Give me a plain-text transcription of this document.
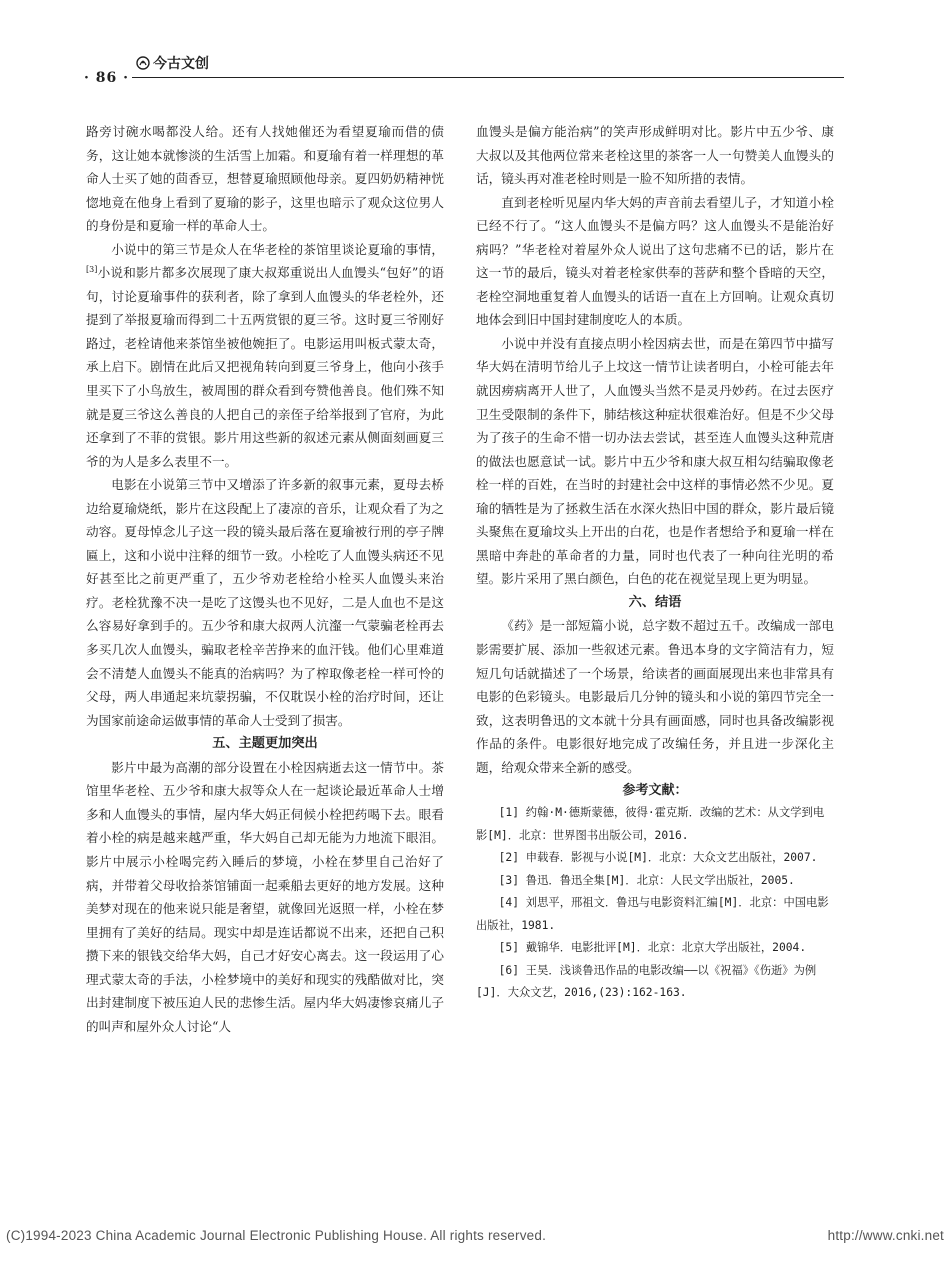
· 86 ·
今古文创

路旁讨碗水喝都没人给。还有人找她催还为看望夏瑜而借的债务，这让她本就惨淡的生活雪上加霜。和夏瑜有着一样理想的革命人士买了她的茴香豆，想替夏瑜照顾他母亲。夏四奶奶精神恍惚地竟在他身上看到了夏瑜的影子，这里也暗示了观众这位男人的身份是和夏瑜一样的革命人士。

小说中的第三节是众人在华老栓的茶馆里谈论夏瑜的事情，[3]小说和影片都多次展现了康大叔郑重说出人血馒头“包好”的语句，讨论夏瑜事件的获利者，除了拿到人血馒头的华老栓外，还提到了举报夏瑜而得到二十五两赏银的夏三爷。这时夏三爷刚好路过，老栓请他来茶馆坐被他婉拒了。电影运用叫板式蒙太奇，承上启下。剧情在此后又把视角转向到夏三爷身上，他向小孩手里买下了小鸟放生，被周围的群众看到夸赞他善良。他们殊不知就是夏三爷这么善良的人把自己的亲侄子给举报到了官府，为此还拿到了不菲的赏银。影片用这些新的叙述元素从侧面刻画夏三爷的为人是多么表里不一。

电影在小说第三节中又增添了许多新的叙事元素，夏母去桥边给夏瑜烧纸，影片在这段配上了凄凉的音乐，让观众看了为之动容。夏母悼念儿子这一段的镜头最后落在夏瑜被行刑的亭子牌匾上，这和小说中注释的细节一致。小栓吃了人血馒头病还不见好甚至比之前更严重了，五少爷劝老栓给小栓买人血馒头来治疗。老栓犹豫不决一是吃了这馒头也不见好，二是人血也不是这么容易好拿到手的。五少爷和康大叔两人沆瀣一气蒙骗老栓再去多买几次人血馒头，骗取老栓辛苦挣来的血汗钱。他们心里难道会不清楚人血馒头不能真的治病吗？为了榨取像老栓一样可怜的父母，两人串通起来坑蒙拐骗，不仅耽误小栓的治疗时间，还让为国家前途命运做事情的革命人士受到了损害。

五、主题更加突出

影片中最为高潮的部分设置在小栓因病逝去这一情节中。茶馆里华老栓、五少爷和康大叔等众人在一起谈论最近革命人士增多和人血馒头的事情，屋内华大妈正伺候小栓把药喝下去。眼看着小栓的病是越来越严重，华大妈自己却无能为力地流下眼泪。影片中展示小栓喝完药入睡后的梦境，小栓在梦里自己治好了病，并带着父母收拾茶馆铺面一起乘船去更好的地方发展。这种美梦对现在的他来说只能是奢望，就像回光返照一样，小栓在梦里拥有了美好的结局。现实中却是连话都说不出来，还把自己积攒下来的银钱交给华大妈，自己才好安心离去。这一段运用了心理式蒙太奇的手法，小栓梦境中的美好和现实的残酷做对比，突出封建制度下被压迫人民的悲惨生活。屋内华大妈凄惨哀痛儿子的叫声和屋外众人讨论“人

血馒头是偏方能治病”的笑声形成鲜明对比。影片中五少爷、康大叔以及其他两位常来老栓这里的茶客一人一句赞美人血馒头的话，镜头再对准老栓时则是一脸不知所措的表情。

直到老栓听见屋内华大妈的声音前去看望儿子，才知道小栓已经不行了。“这人血馒头不是偏方吗？这人血馒头不是能治好病吗？”华老栓对着屋外众人说出了这句悲痛不已的话，影片在这一节的最后，镜头对着老栓家供奉的菩萨和整个昏暗的天空，老栓空洞地重复着人血馒头的话语一直在上方回响。让观众真切地体会到旧中国封建制度吃人的本质。

小说中并没有直接点明小栓因病去世，而是在第四节中描写华大妈在清明节给儿子上坟这一情节让读者明白，小栓可能去年就因痨病离开人世了，人血馒头当然不是灵丹妙药。在过去医疗卫生受限制的条件下，肺结核这种症状很难治好。但是不少父母为了孩子的生命不惜一切办法去尝试，甚至连人血馒头这种荒唐的做法也愿意试一试。影片中五少爷和康大叔互相勾结骗取像老栓一样的百姓，在当时的封建社会中这样的事情必然不少见。夏瑜的牺牲是为了拯救生活在水深火热旧中国的群众，影片最后镜头聚焦在夏瑜坟头上开出的白花，也是作者想给予和夏瑜一样在黑暗中奔赴的革命者的力量，同时也代表了一种向往光明的希望。影片采用了黑白颜色，白色的花在视觉呈现上更为明显。

六、结语

《药》是一部短篇小说，总字数不超过五千。改编成一部电影需要扩展、添加一些叙述元素。鲁迅本身的文字简洁有力，短短几句话就描述了一个场景，给读者的画面展现出来也非常具有电影的色彩镜头。电影最后几分钟的镜头和小说的第四节完全一致，这表明鲁迅的文本就十分具有画面感，同时也具备改编影视作品的条件。电影很好地完成了改编任务，并且进一步深化主题，给观众带来全新的感受。

参考文献：
[1] 约翰·M·德斯蒙德，彼得·霍克斯．改编的艺术：从文学到电影[M]．北京：世界图书出版公司，2016.
[2] 申载春．影视与小说[M]．北京：大众文艺出版社，2007.
[3] 鲁迅．鲁迅全集[M]．北京：人民文学出版社，2005.
[4] 刘思平，邢祖文．鲁迅与电影资料汇编[M]．北京：中国电影出版社，1981.
[5] 戴锦华．电影批评[M]．北京：北京大学出版社，2004.
[6] 王昊．浅谈鲁迅作品的电影改编——以《祝福》《伤逝》为例[J]．大众文艺，2016,(23):162-163.
(C)1994-2023 China Academic Journal Electronic Publishing House. All rights reserved.	http://www.cnki.net
